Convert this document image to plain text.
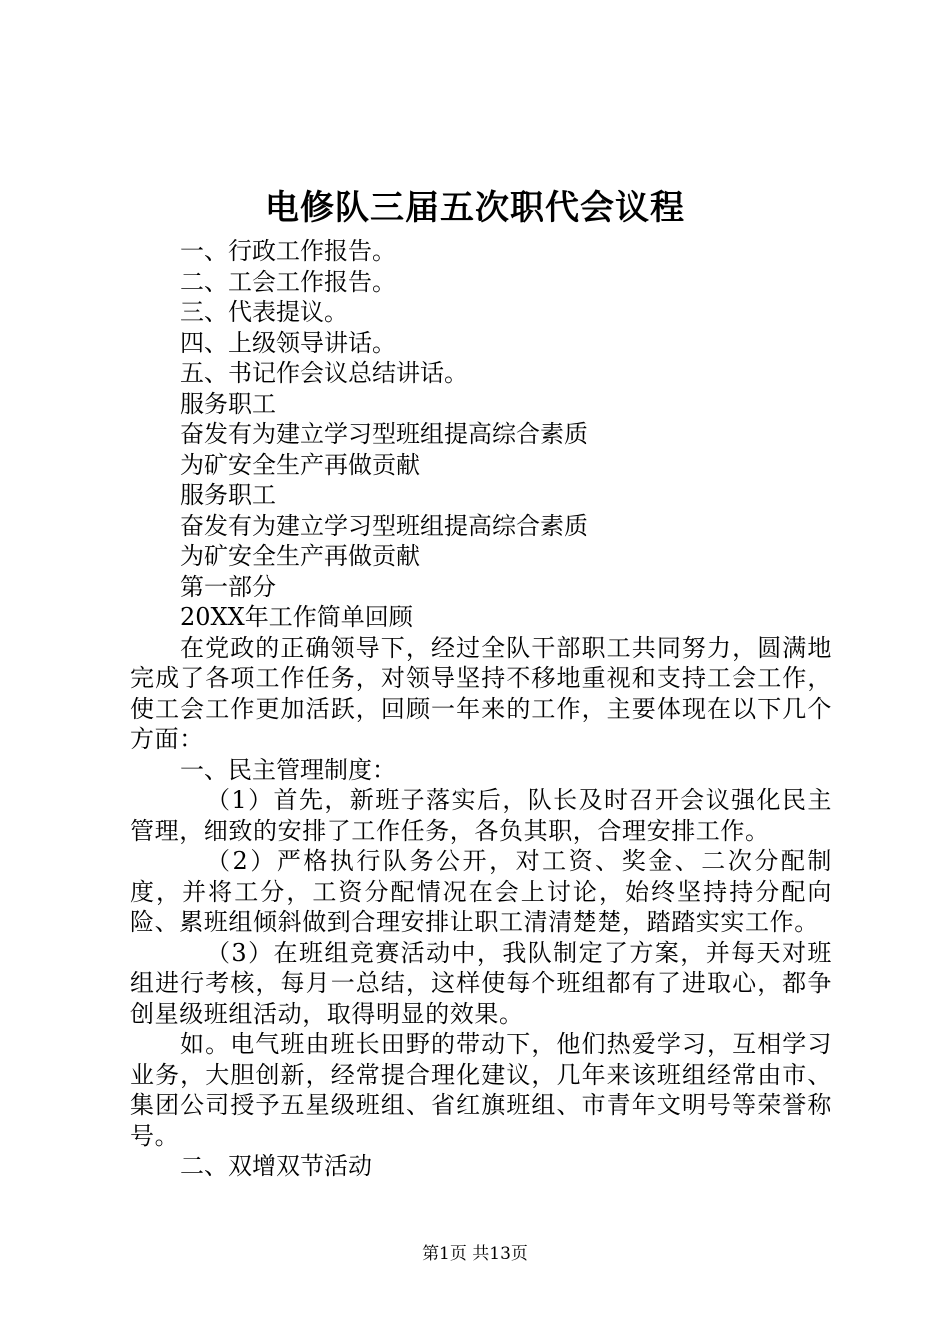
电修队三届五次职代会议程

一、行政工作报告。

二、工会工作报告。

三、代表提议。

四、上级领导讲话。

五、书记作会议总结讲话。

服务职工

奋发有为建立学习型班组提高综合素质

为矿安全生产再做贡献

服务职工

奋发有为建立学习型班组提高综合素质

为矿安全生产再做贡献

第一部分

20XX年工作简单回顾

在党政的正确领导下，经过全队干部职工共同努力，圆满地完成了各项工作任务，对领导坚持不移地重视和支持工会工作，使工会工作更加活跃，回顾一年来的工作，主要体现在以下几个方面：

一、民主管理制度：

（1）首先，新班子落实后，队长及时召开会议强化民主管理，细致的安排了工作任务，各负其职，合理安排工作。

（2）严格执行队务公开，对工资、奖金、二次分配制度，并将工分，工资分配情况在会上讨论，始终坚持持分配向险、累班组倾斜做到合理安排让职工清清楚楚，踏踏实实工作。

（3）在班组竞赛活动中，我队制定了方案，并每天对班组进行考核，每月一总结，这样使每个班组都有了进取心，都争创星级班组活动，取得明显的效果。

如。电气班由班长田野的带动下，他们热爱学习，互相学习业务，大胆创新，经常提合理化建议，几年来该班组经常由市、集团公司授予五星级班组、省红旗班组、市青年文明号等荣誉称号。

二、双增双节活动

第1页 共13页
